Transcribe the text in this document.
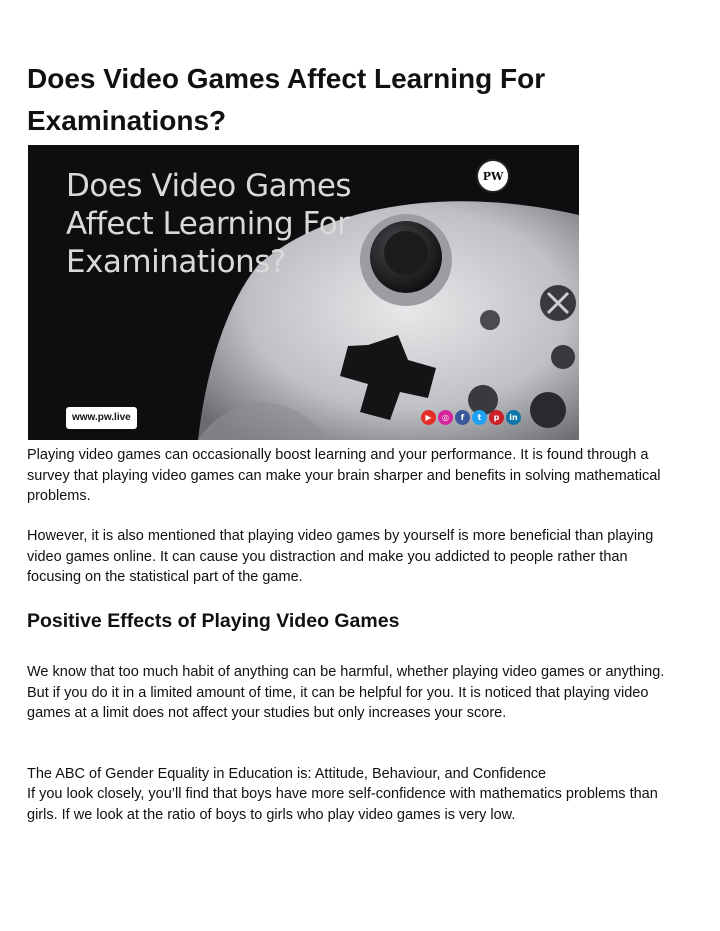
Does Video Games Affect Learning For Examinations?
Does Video Games Affect Learning For Examinations?
PW
www.pw.live	▶	◎	f	t	p	in

Playing video games can occasionally boost learning and your performance. It is found through a survey that playing video games can make your brain sharper and benefits in solving mathematical problems.

However, it is also mentioned that playing video games by yourself is more beneficial than playing video games online. It can cause you distraction and make you addicted to people rather than focusing on the statistical part of the game.

Positive Effects of Playing Video Games

We know that too much habit of anything can be harmful, whether playing video games or anything. But if you do it in a limited amount of time, it can be helpful for you. It is noticed that playing video games at a limit does not affect your studies but only increases your score.

The ABC of Gender Equality in Education is: Attitude, Behaviour, and Confidence

If you look closely, you’ll find that boys have more self-confidence with mathematics problems than girls. If we look at the ratio of boys to girls who play video games is very low.
